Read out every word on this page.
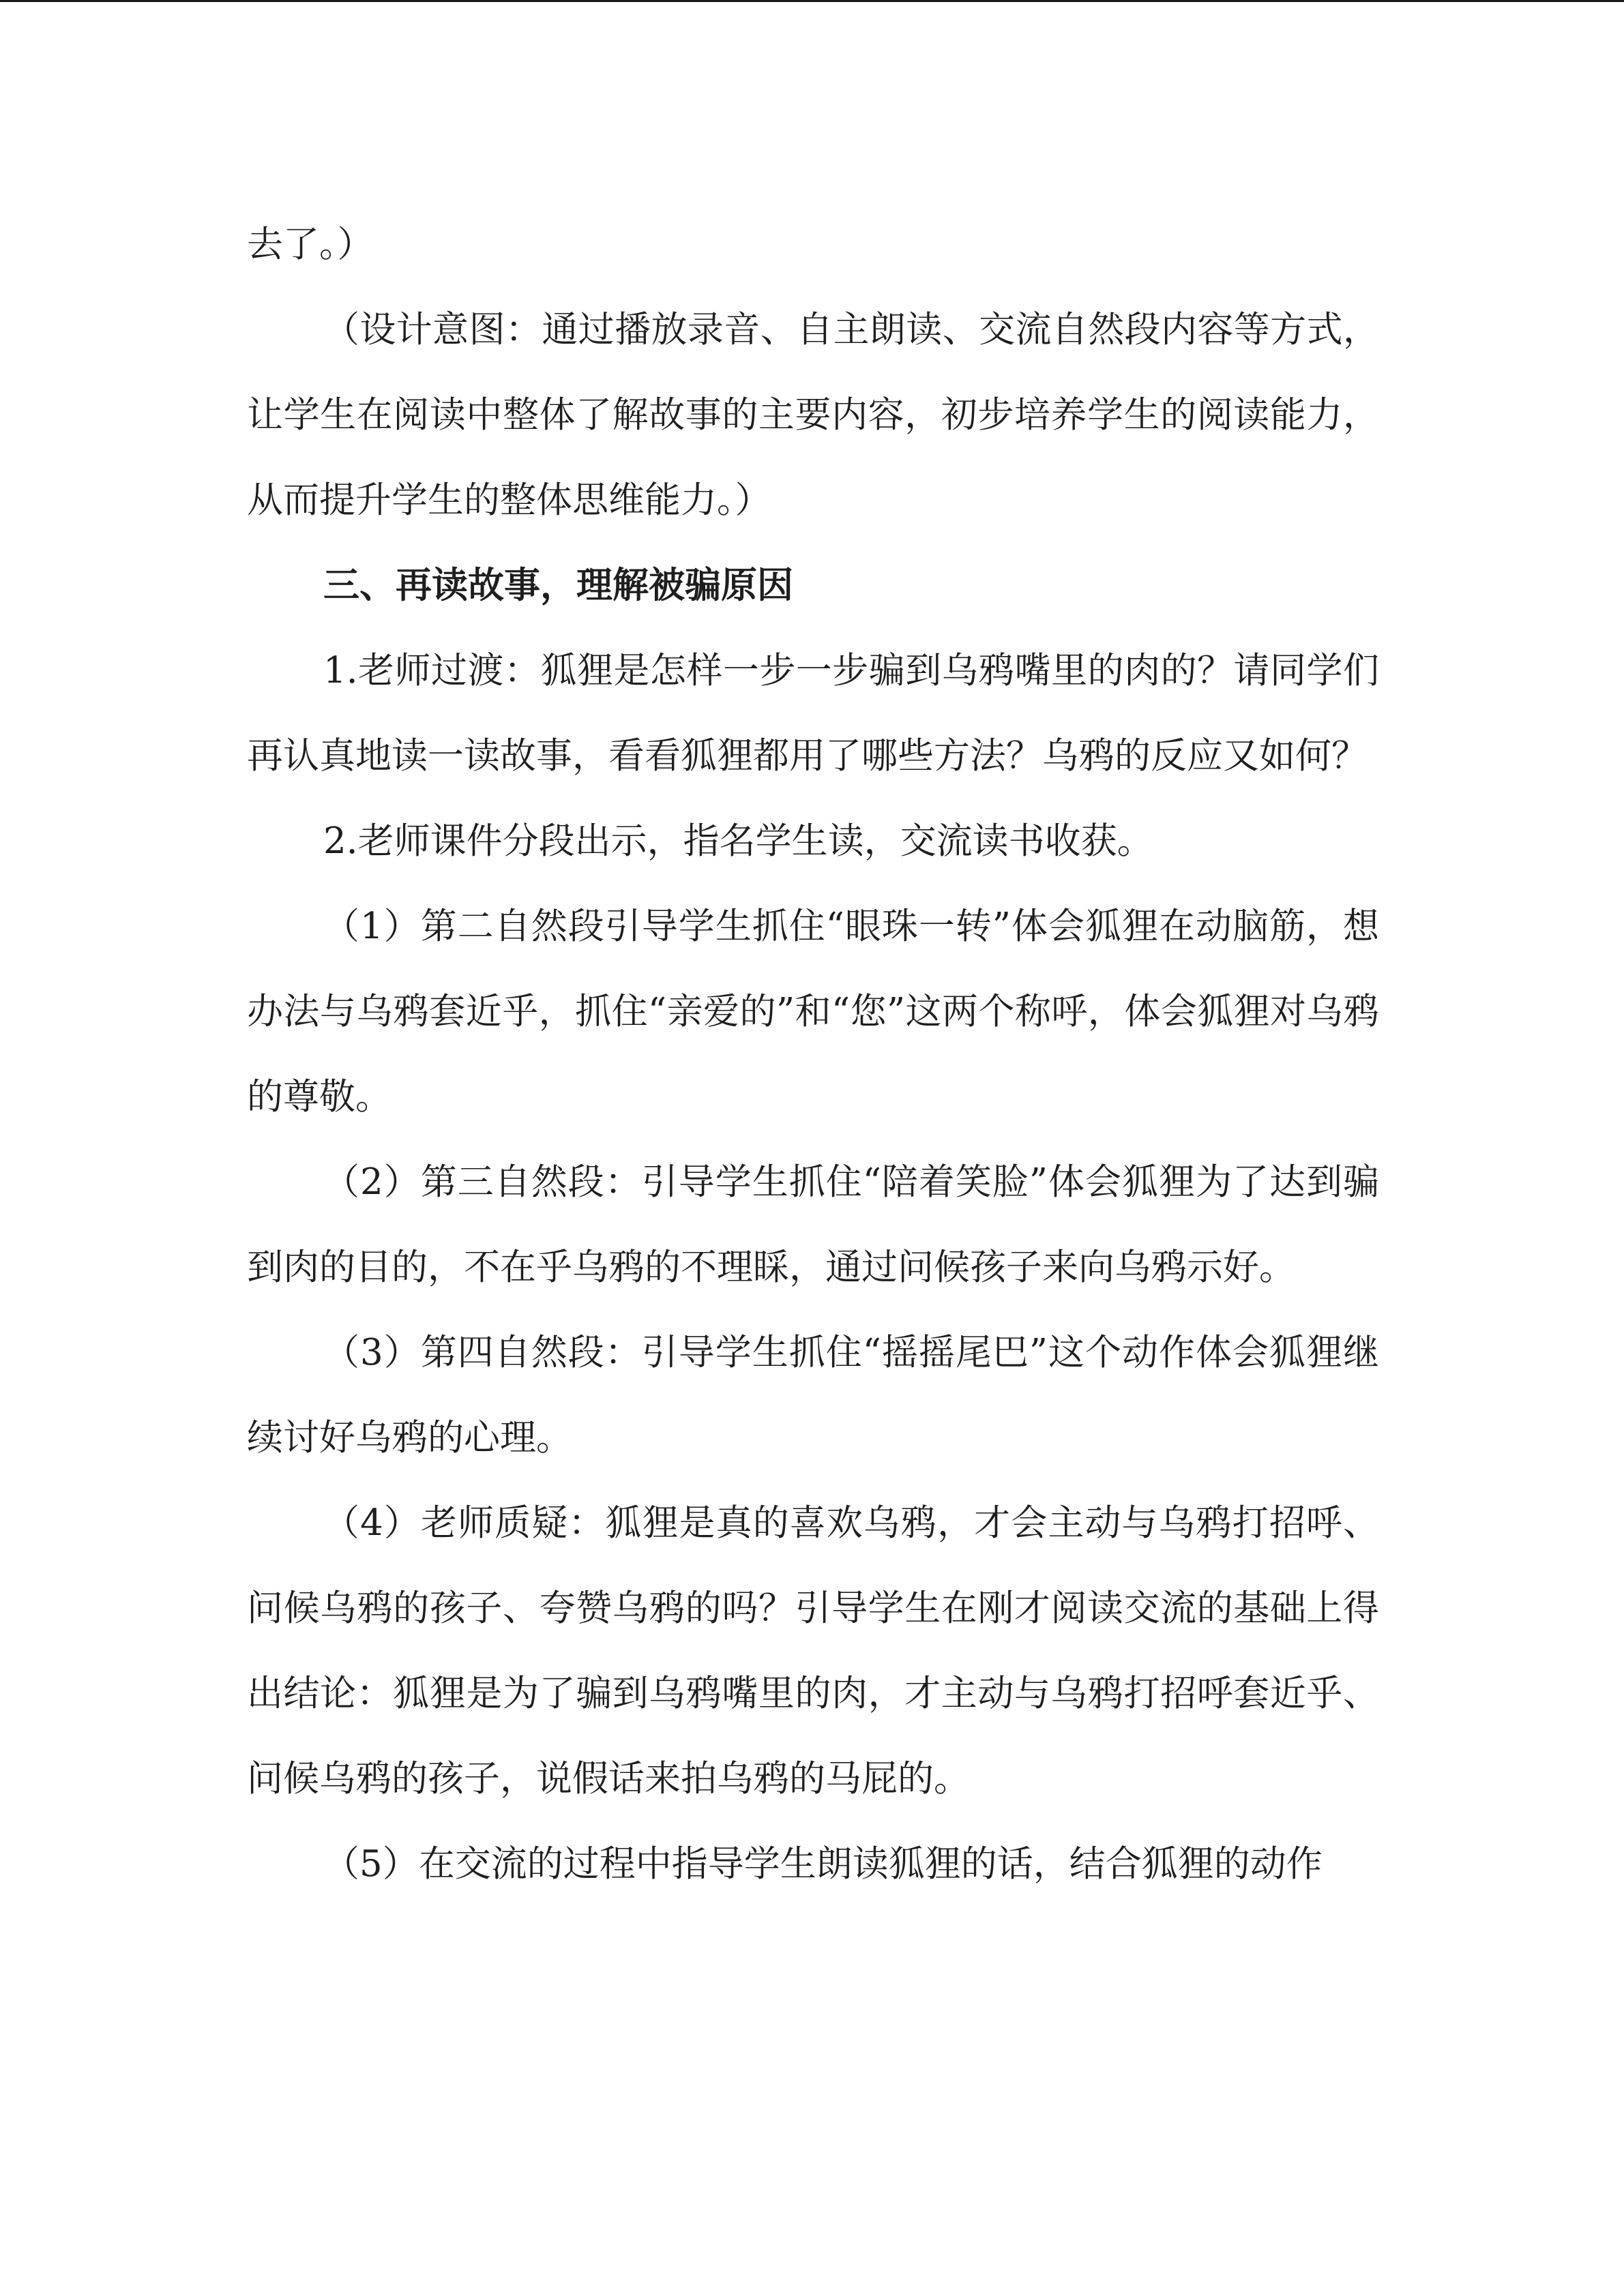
去了。）

（设计意图：通过播放录音、自主朗读、交流自然段内容等方式，让学生在阅读中整体了解故事的主要内容，初步培养学生的阅读能力，从而提升学生的整体思维能力。）

三、再读故事，理解被骗原因

1.老师过渡：狐狸是怎样一步一步骗到乌鸦嘴里的肉的？请同学们再认真地读一读故事，看看狐狸都用了哪些方法？乌鸦的反应又如何？

2.老师课件分段出示，指名学生读，交流读书收获。

（1）第二自然段引导学生抓住“眼珠一转”体会狐狸在动脑筋，想办法与乌鸦套近乎，抓住“亲爱的”和“您”这两个称呼，体会狐狸对乌鸦的尊敬。

（2）第三自然段：引导学生抓住“陪着笑脸”体会狐狸为了达到骗到肉的目的，不在乎乌鸦的不理睬，通过问候孩子来向乌鸦示好。

（3）第四自然段：引导学生抓住“摇摇尾巴”这个动作体会狐狸继续讨好乌鸦的心理。

（4）老师质疑：狐狸是真的喜欢乌鸦，才会主动与乌鸦打招呼、问候乌鸦的孩子、夸赞乌鸦的吗？引导学生在刚才阅读交流的基础上得出结论：狐狸是为了骗到乌鸦嘴里的肉，才主动与乌鸦打招呼套近乎、问候乌鸦的孩子，说假话来拍乌鸦的马屁的。

（5）在交流的过程中指导学生朗读狐狸的话，结合狐狸的动作
